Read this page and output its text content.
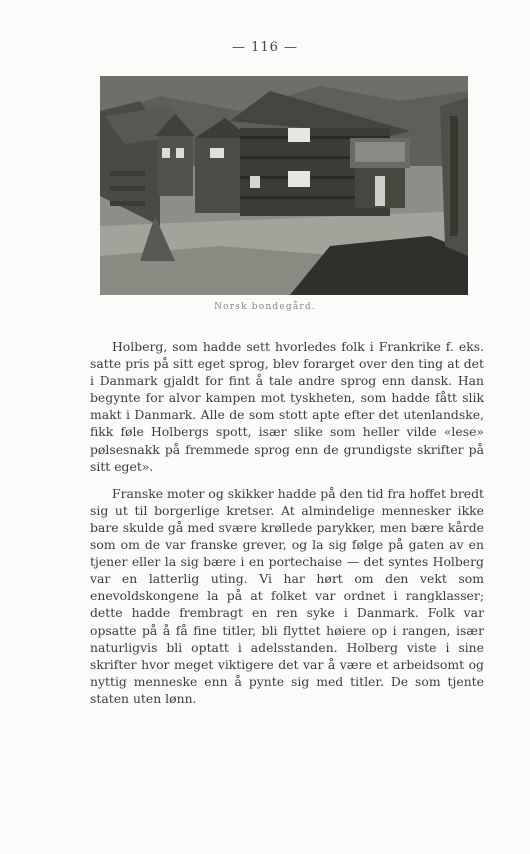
— 116 —
Norsk bondegård.

Holberg, som hadde sett hvorledes folk i Frankrike f. eks. satte pris på sitt eget sprog, blev forarget over den ting at det i Danmark gjaldt for fint å tale andre sprog enn dansk. Han begynte for alvor kampen mot tyskheten, som hadde fått slik makt i Danmark. Alle de som stott apte efter det utenlandske, fikk føle Holbergs spott, især slike som heller vilde «lese» pølsesnakk på fremmede sprog enn de grundigste skrifter på sitt eget».

Franske moter og skikker hadde på den tid fra hoffet bredt sig ut til borgerlige kretser. At almindelige mennesker ikke bare skulde gå med svære krøllede parykker, men bære kårde som om de var franske grever, og la sig følge på gaten av en tjener eller la sig bære i en portechaise — det syntes Holberg var en latterlig uting. Vi har hørt om den vekt som enevoldskongene la på at folket var ordnet i rangklasser; dette hadde frembragt en ren syke i Danmark. Folk var opsatte på å få fine titler, bli flyttet høiere op i rangen, især naturligvis bli optatt i adelsstanden. Holberg viste i sine skrifter hvor meget viktigere det var å være et arbeidsomt og nyttig menneske enn å pynte sig med titler. De som tjente staten uten lønn.
